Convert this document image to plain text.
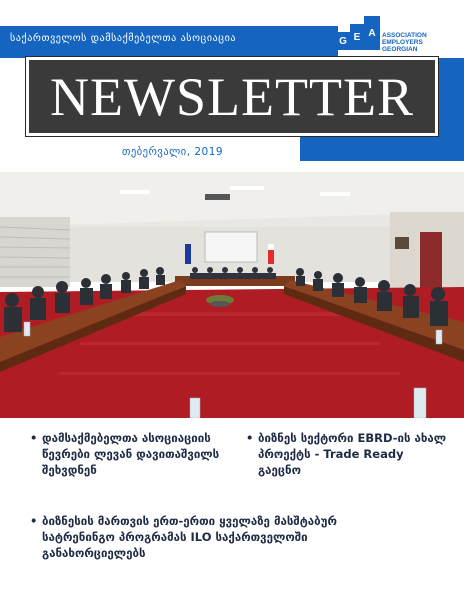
საქართველოს დამსაქმებელთა ასოციაცია	G E A ASSOCIATION
EMPLOYERS
GEORGIAN
NEWSLETTER
თებერვალი, 2019
• დამსაქმებელთა ასოციაციის წევრები ლევან დავითაშვილს შეხვდნენ
• ბიზნეს სექტორი EBRD-ის ახალ პროექტს - Trade Ready გაეცნო
• ბიზნესის მართვის ერთ-ერთი ყველაზე მასშტაბურ სატრენინგო პროგრამას ILO საქართველოში განახორციელებს
